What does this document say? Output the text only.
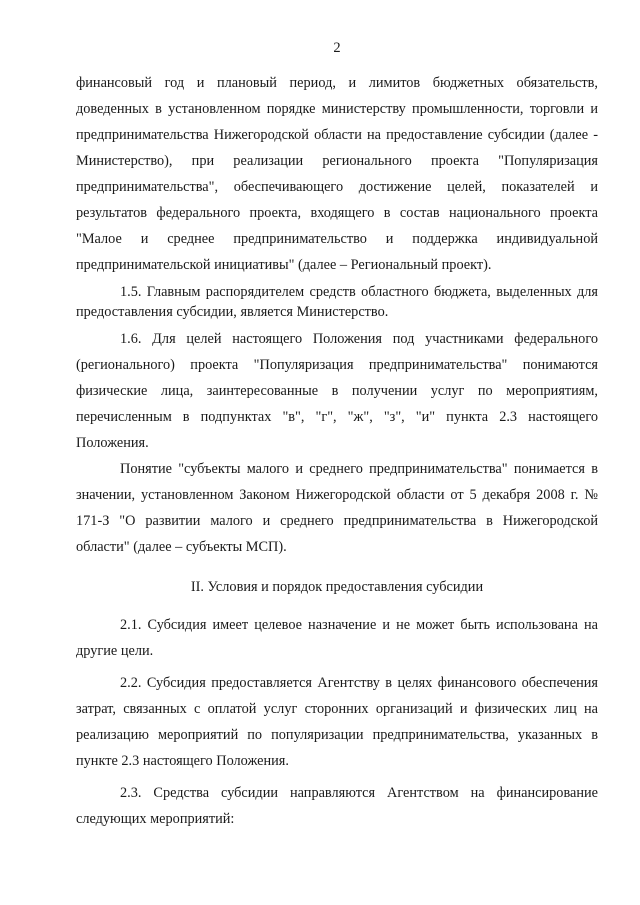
2

финансовый год и плановый период, и лимитов бюджетных обязательств, доведенных в установленном порядке министерству промышленности, торговли и предпринимательства Нижегородской области на предоставление субсидии (далее - Министерство), при реализации регионального проекта "Популяризация предпринимательства", обеспечивающего достижение целей, показателей и результатов федерального проекта, входящего в состав национального проекта "Малое и среднее предпринимательство и поддержка индивидуальной предпринимательской инициативы" (далее – Региональный проект).

1.5. Главным распорядителем средств областного бюджета, выделенных для предоставления субсидии, является Министерство.

1.6. Для целей настоящего Положения под участниками федерального (регионального) проекта "Популяризация предпринимательства" понимаются физические лица, заинтересованные в получении услуг по мероприятиям, перечисленным в подпунктах "в", "г", "ж", "з", "и" пункта 2.3 настоящего Положения.

Понятие "субъекты малого и среднего предпринимательства" понимается в значении, установленном Законом Нижегородской области от 5 декабря 2008 г. № 171-З "О развитии малого и среднего предпринимательства в Нижегородской области" (далее – субъекты МСП).

II. Условия и порядок предоставления субсидии

2.1. Субсидия имеет целевое назначение и не может быть использована на другие цели.

2.2. Субсидия предоставляется Агентству в целях финансового обеспечения затрат, связанных с оплатой услуг сторонних организаций и физических лиц на реализацию мероприятий по популяризации предпринимательства, указанных в пункте 2.3 настоящего Положения.

2.3. Средства субсидии направляются Агентством на финансирование следующих мероприятий:
